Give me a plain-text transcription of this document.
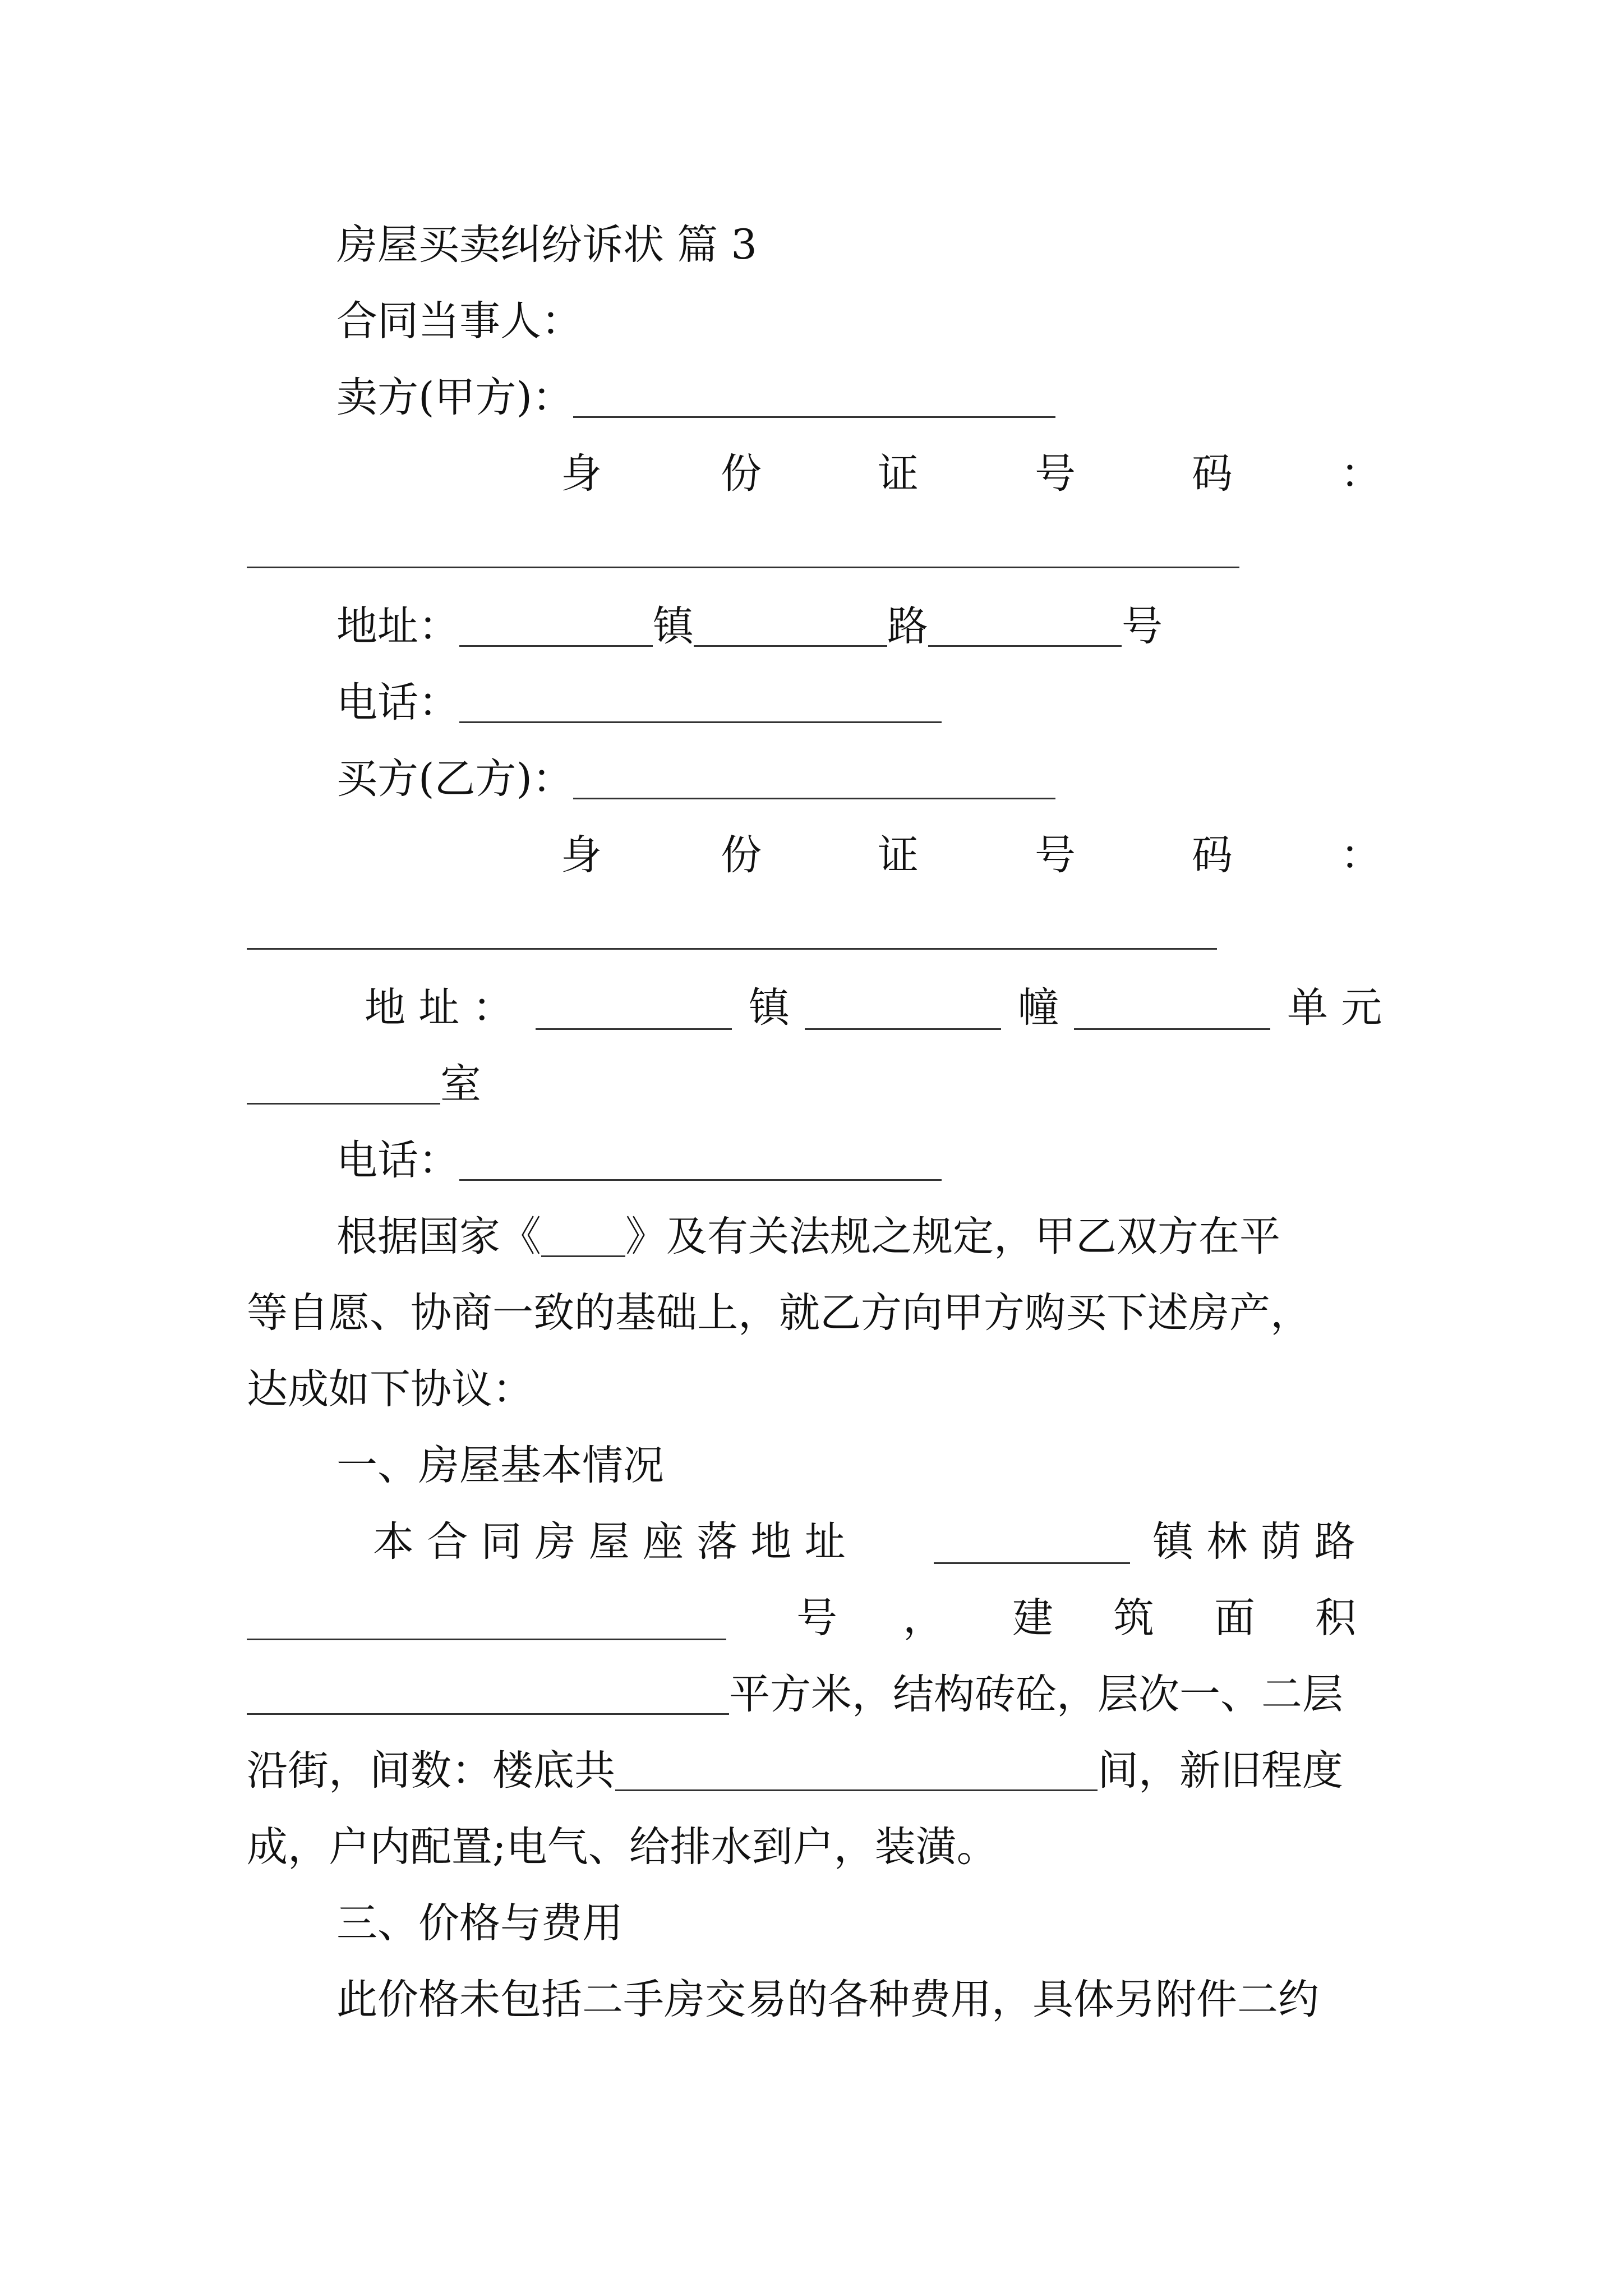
房屋买卖纠纷诉状 篇 3
合同当事人：
卖方(甲方)：
身	份	证	号	码	：
地址：	镇	路	号
电话：
买方(乙方)：
身	份	证	号	码	：
地 址 ：	镇	幢	单 元
室
电话：
根据国家《 》及有关法规之规定，甲乙双方在平
等自愿、协商一致的基础上，就乙方向甲方购买下述房产，
达成如下协议：
一、房屋基本情况
本 合 同 房 屋 座 落 地 址	镇 林 荫 路
号 ， 建 筑 面 积
平方米，结构砖砼，层次一、二层
沿街，间数：楼底共	间，新旧程度
成，户内配置;电气、给排水到户，装潢。
三、价格与费用
此价格未包括二手房交易的各种费用，具体另附件二约
